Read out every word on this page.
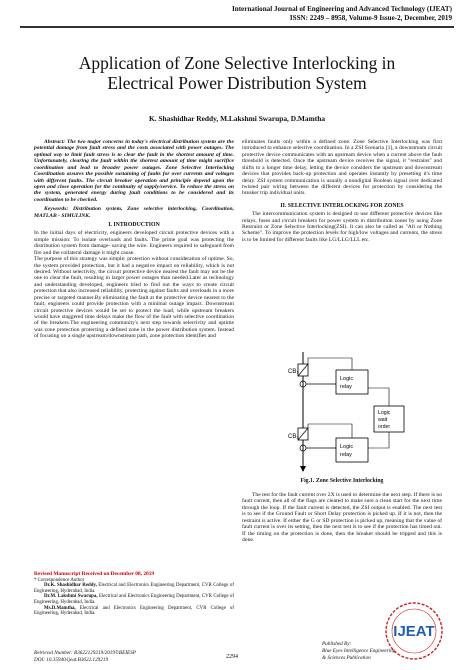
International Journal of Engineering and Advanced Technology (IJEAT)
ISSN: 2249 – 8958, Volume-9 Issue-2, December, 2019
Application of Zone Selective Interlocking in
Electrical Power Distribution System
K. Shashidhar Reddy, M.Lakshmi Swarupa, D.Mamtha

Abstract: The two major concerns in today's electrical distribution system are the potential damage from fault stress and the costs associated with power outages. The optimal way to limit fault stress is to clear the fault in the shortest amount of time. Unfortunately, clearing the fault within the shortest amount of time might sacrifice coordination and lead to broader power outages. Zone Selective Interlocking Coordination assures the possible sustaining of faults for over currents and voltages with different faults. The circuit breaker operation and principle depend upon the open and close operation for the continuity of supply/service. To reduce the stress on the system, generated energy during fault conditions to be considered and its coordination to be checked.

Keywords: Distribution system, Zone selective interlocking, Coordination, MATLAB - SIMULINK.

I. INTRODUCTION

In the initial days of electricity, engineers developed circuit protective devices with a simple mission: To isolate overloads and faults. The prime goal was protecting the distribution system from damage- saving the wire. Engineers required to safeguard from fire and the collateral damage it might cause.

The purpose of this strategy was simple: protection without consideration of uptime. So, the system provided protection, but it had a negative impact on reliability, which is not desired. Without selectivity, the circuit protective device nearest the fault may not be the one to clear the fault, resulting in larger power outages than needed.Later as technology and understanding developed, engineers tried to find out the ways to create circuit protection that also increased reliability, protecting against faults and overloads in a more precise or targeted manner.By eliminating the fault at the protective device nearest to the fault, engineers could provide protection with a minimal outage impact. Downstream circuit protective devices would be set to protect the load, while upstream breakers would have staggered time delays make the flow of the fault with selective coordination of the breakers.The engineering community's next step towards selectivity and uptime was zone protection protecting a defined zone in the power distribution system. Instead of focusing on a single upstream/downstream path, zone protection identifies and

Revised Manuscript Received on December 08, 2019

* Correspondence Author

Dr.K. Shashidhar Reddy, Electrical and Electronics Engineering Department, CVR College of Engineering, Hyderabad, India.

Dr.M. Lakshmi Swarupa, Electrical and Electronics Engineering Department, CVR College of Engineering, Hyderabad, India.

Ms.D.Mamtha, Electrical and Electronics Engineering Department, CVR College of Engineering, Hyderabad, India.

eliminates faults only within a defined zone. Zone Selective Interlocking was first introduced to enhance selective coordination. In a ZSI Scenario [1], a downstream circuit protective device communicates with an upstream device when a current above the fault threshold is detected. Once the upstream device receives the signal, it "restrains" and shifts to a longer time delay, letting the device considers the upstream and downstream devices that provides back-up protection and operates instantly by presetting it's time delay. ZSI system communication is usually a nondigital Boolean signal over dedicated twisted pair wiring between the different devices for protection by considering the breaker trip individual units.

II. SELECTIVE INTERLOCKING FOR ZONES

The intercommunication system is designed to use different protective devices like relays, fuses and circuit breakers for power system in distribution zones by using Zone Restraint or Zone Selective Interlocking(ZSI). It can also be called as "All or Nothing Scheme". To improve the protection levels for high/low voltages and currents, the stress is to be limited for different faults like LG/LLG/LLL etc.

CB₁
Logic
relay
Logic
wait
order
CB₂
Logic
relay
Fig.1. Zone Selective Interlocking

The test for the fault current over 2X is used to determine the next step. If there is no fault current, then all of the flags are cleared to make sure a clean start for the next time through the loop. If the fault current is detected, the ZSI output is enabled. The next test is to see if the Ground Fault or Short Delay protection is picked up. If it is not, then the restraint is active. If either the G or SD protection is picked up, meaning that the value of fault current is over its setting, then the next test is to see if the protection has timed out. If the timing on the protection is done, then the breaker should be tripped and this is done.

Retrieval Number: B3622129219/2019©BEIESP
DOI: 10.35940/ijeat.B3622.129219	2294
Published By:
Blue Eyes Intelligence Engineering
& Sciences Publication
IJEAT
